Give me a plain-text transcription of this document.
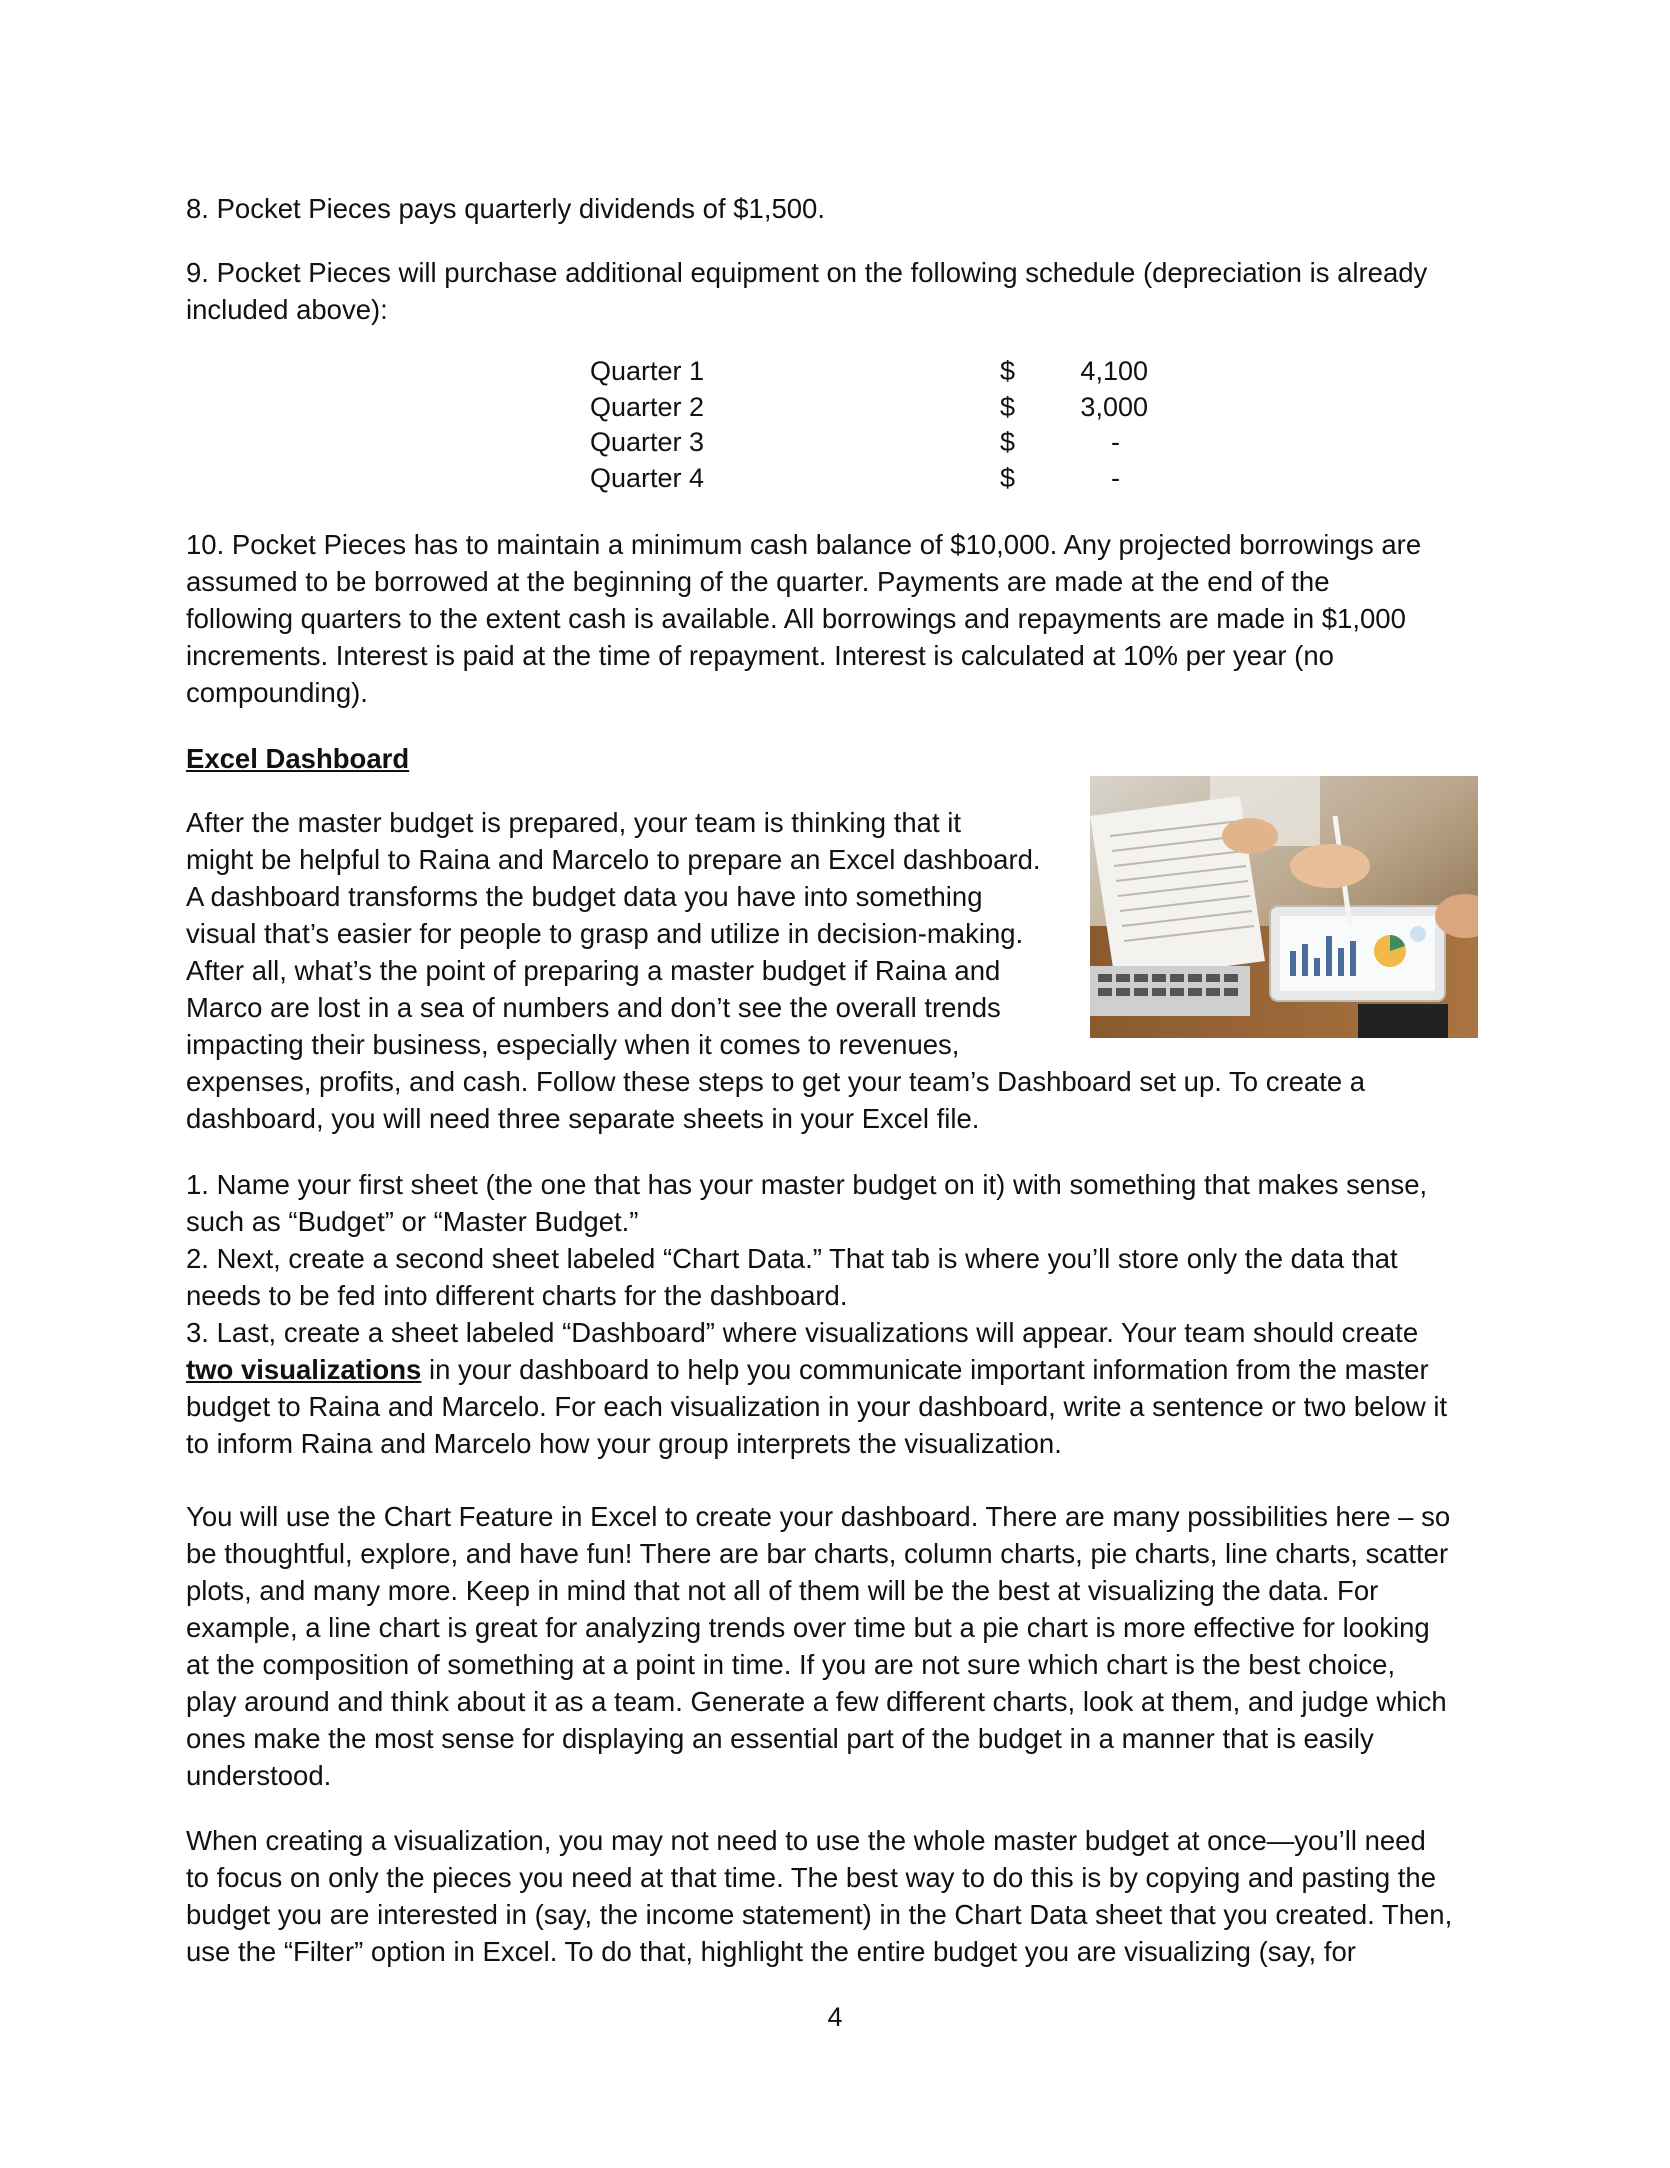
8. Pocket Pieces pays quarterly dividends of $1,500.

9. Pocket Pieces will purchase additional equipment on the following schedule (depreciation is already
included above):

Quarter 1	$	4,100
Quarter 2	$	3,000
Quarter 3	$	-
Quarter 4	$	-

10. Pocket Pieces has to maintain a minimum cash balance of $10,000. Any projected borrowings are
assumed to be borrowed at the beginning of the quarter. Payments are made at the end of the
following quarters to the extent cash is available. All borrowings and repayments are made in $1,000
increments. Interest is paid at the time of repayment. Interest is calculated at 10% per year (no
compounding).

Excel Dashboard

After the master budget is prepared, your team is thinking that it
might be helpful to Raina and Marcelo to prepare an Excel dashboard.
A dashboard transforms the budget data you have into something
visual that’s easier for people to grasp and utilize in decision-making.
After all, what’s the point of preparing a master budget if Raina and
Marco are lost in a sea of numbers and don’t see the overall trends
impacting their business, especially when it comes to revenues,
expenses, profits, and cash. Follow these steps to get your team’s Dashboard set up. To create a
dashboard, you will need three separate sheets in your Excel file.

1. Name your first sheet (the one that has your master budget on it) with something that makes sense,
such as “Budget” or “Master Budget.”
2. Next, create a second sheet labeled “Chart Data.” That tab is where you’ll store only the data that
needs to be fed into different charts for the dashboard.
3. Last, create a sheet labeled “Dashboard” where visualizations will appear. Your team should create
two visualizations in your dashboard to help you communicate important information from the master
budget to Raina and Marcelo. For each visualization in your dashboard, write a sentence or two below it
to inform Raina and Marcelo how your group interprets the visualization.

You will use the Chart Feature in Excel to create your dashboard. There are many possibilities here – so
be thoughtful, explore, and have fun! There are bar charts, column charts, pie charts, line charts, scatter
plots, and many more. Keep in mind that not all of them will be the best at visualizing the data. For
example, a line chart is great for analyzing trends over time but a pie chart is more effective for looking
at the composition of something at a point in time. If you are not sure which chart is the best choice,
play around and think about it as a team. Generate a few different charts, look at them, and judge which
ones make the most sense for displaying an essential part of the budget in a manner that is easily
understood.

When creating a visualization, you may not need to use the whole master budget at once—you’ll need
to focus on only the pieces you need at that time. The best way to do this is by copying and pasting the
budget you are interested in (say, the income statement) in the Chart Data sheet that you created. Then,
use the “Filter” option in Excel. To do that, highlight the entire budget you are visualizing (say, for

4
